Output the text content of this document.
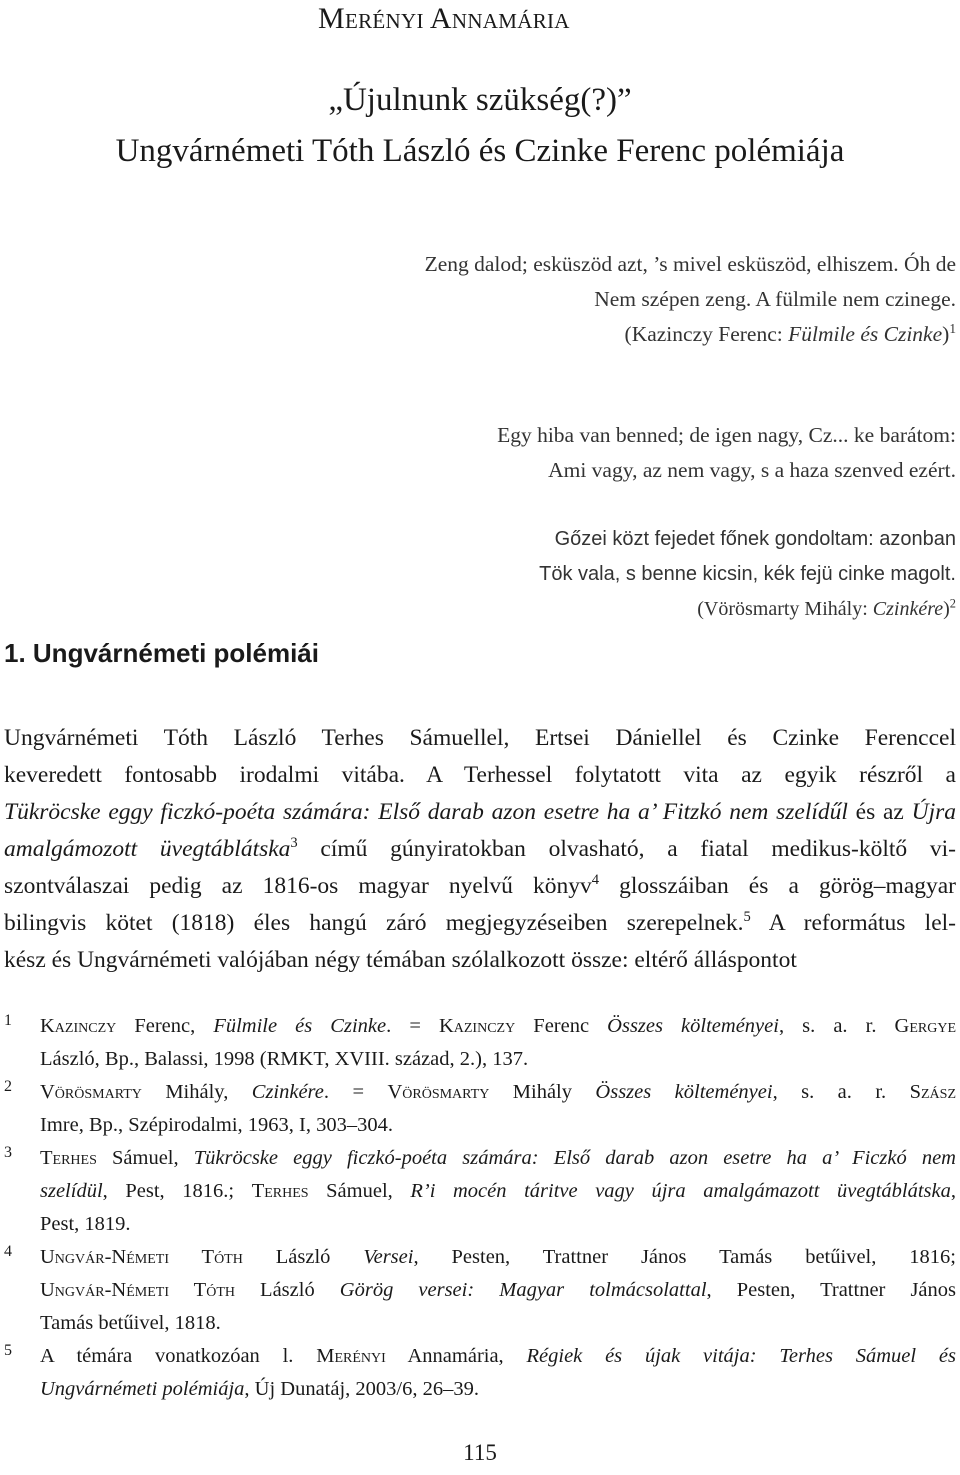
Merényi Annamária
„Újulnunk szükség(?)”
Ungvárnémeti Tóth László és Czinke Ferenc polémiája
Zeng dalod; esküszöd azt, ’s mivel esküszöd, elhiszem. Óh de
Nem szépen zeng. A fülmile nem czinege.
(Kazinczy Ferenc: Fülmile és Czinke)$^1$
Egy hiba van benned; de igen nagy, Cz... ke barátom:
Ami vagy, az nem vagy, s a haza szenved ezért.
Gőzei közt fejedet főnek gondoltam: azonban
Tök vala, s benne kicsin, kék fejü cinke magolt.
(Vörösmarty Mihály: Czinkére)$^2$
1. Ungvárnémeti polémiái
Ungvárnémeti Tóth László Terhes Sámuellel, Ertsei Dániellel és Czinke Ferenccel
keveredett fontosabb irodalmi vitába. A Terhessel folytatott vita az egyik részről a
Tükröcske eggy ficzkó-poéta számára: Első darab azon esetre ha a’ Fitzkó nem szelídűl és az Újra
amalgámozott üvegtáblátska$^3$ című gúnyiratokban olvasható, a fiatal medikus-költő vi-
szontválaszai pedig az 1816-os magyar nyelvű könyv$^4$ glosszáiban és a görög–magyar
bilingvis kötet (1818) éles hangú záró megjegyzéseiben szerepelnek.$^5$ A református lel-
kész és Ungvárnémeti valójában négy témában szólalkozott össze: eltérő álláspontot
1 Kazinczy Ferenc, Fülmile és Czinke. = Kazinczy Ferenc Összes költeményei, s. a. r. Gergye
László, Bp., Balassi, 1998 (RMKT, XVIII. század, 2.), 137.
2 Vörösmarty Mihály, Czinkére. = Vörösmarty Mihály Összes költeményei, s. a. r. Szász
Imre, Bp., Szépirodalmi, 1963, I, 303–304.
3 Terhes Sámuel, Tükröcske eggy ficzkó-poéta számára: Első darab azon esetre ha a’ Ficzkó nem
szelídül, Pest, 1816.; Terhes Sámuel, R’i mocén táritve vagy újra amalgámazott üvegtáblátska,
Pest, 1819.
4 Ungvár-Németi Tóth László Versei, Pesten, Trattner János Tamás betűivel, 1816;
Ungvár-Németi Tóth László Görög versei: Magyar tolmácsolattal, Pesten, Trattner János
Tamás betűivel, 1818.
5 A témára vonatkozóan l. Merényi Annamária, Régiek és újak vitája: Terhes Sámuel és
Ungvárnémeti polémiája, Új Dunatáj, 2003/6, 26–39.
115
